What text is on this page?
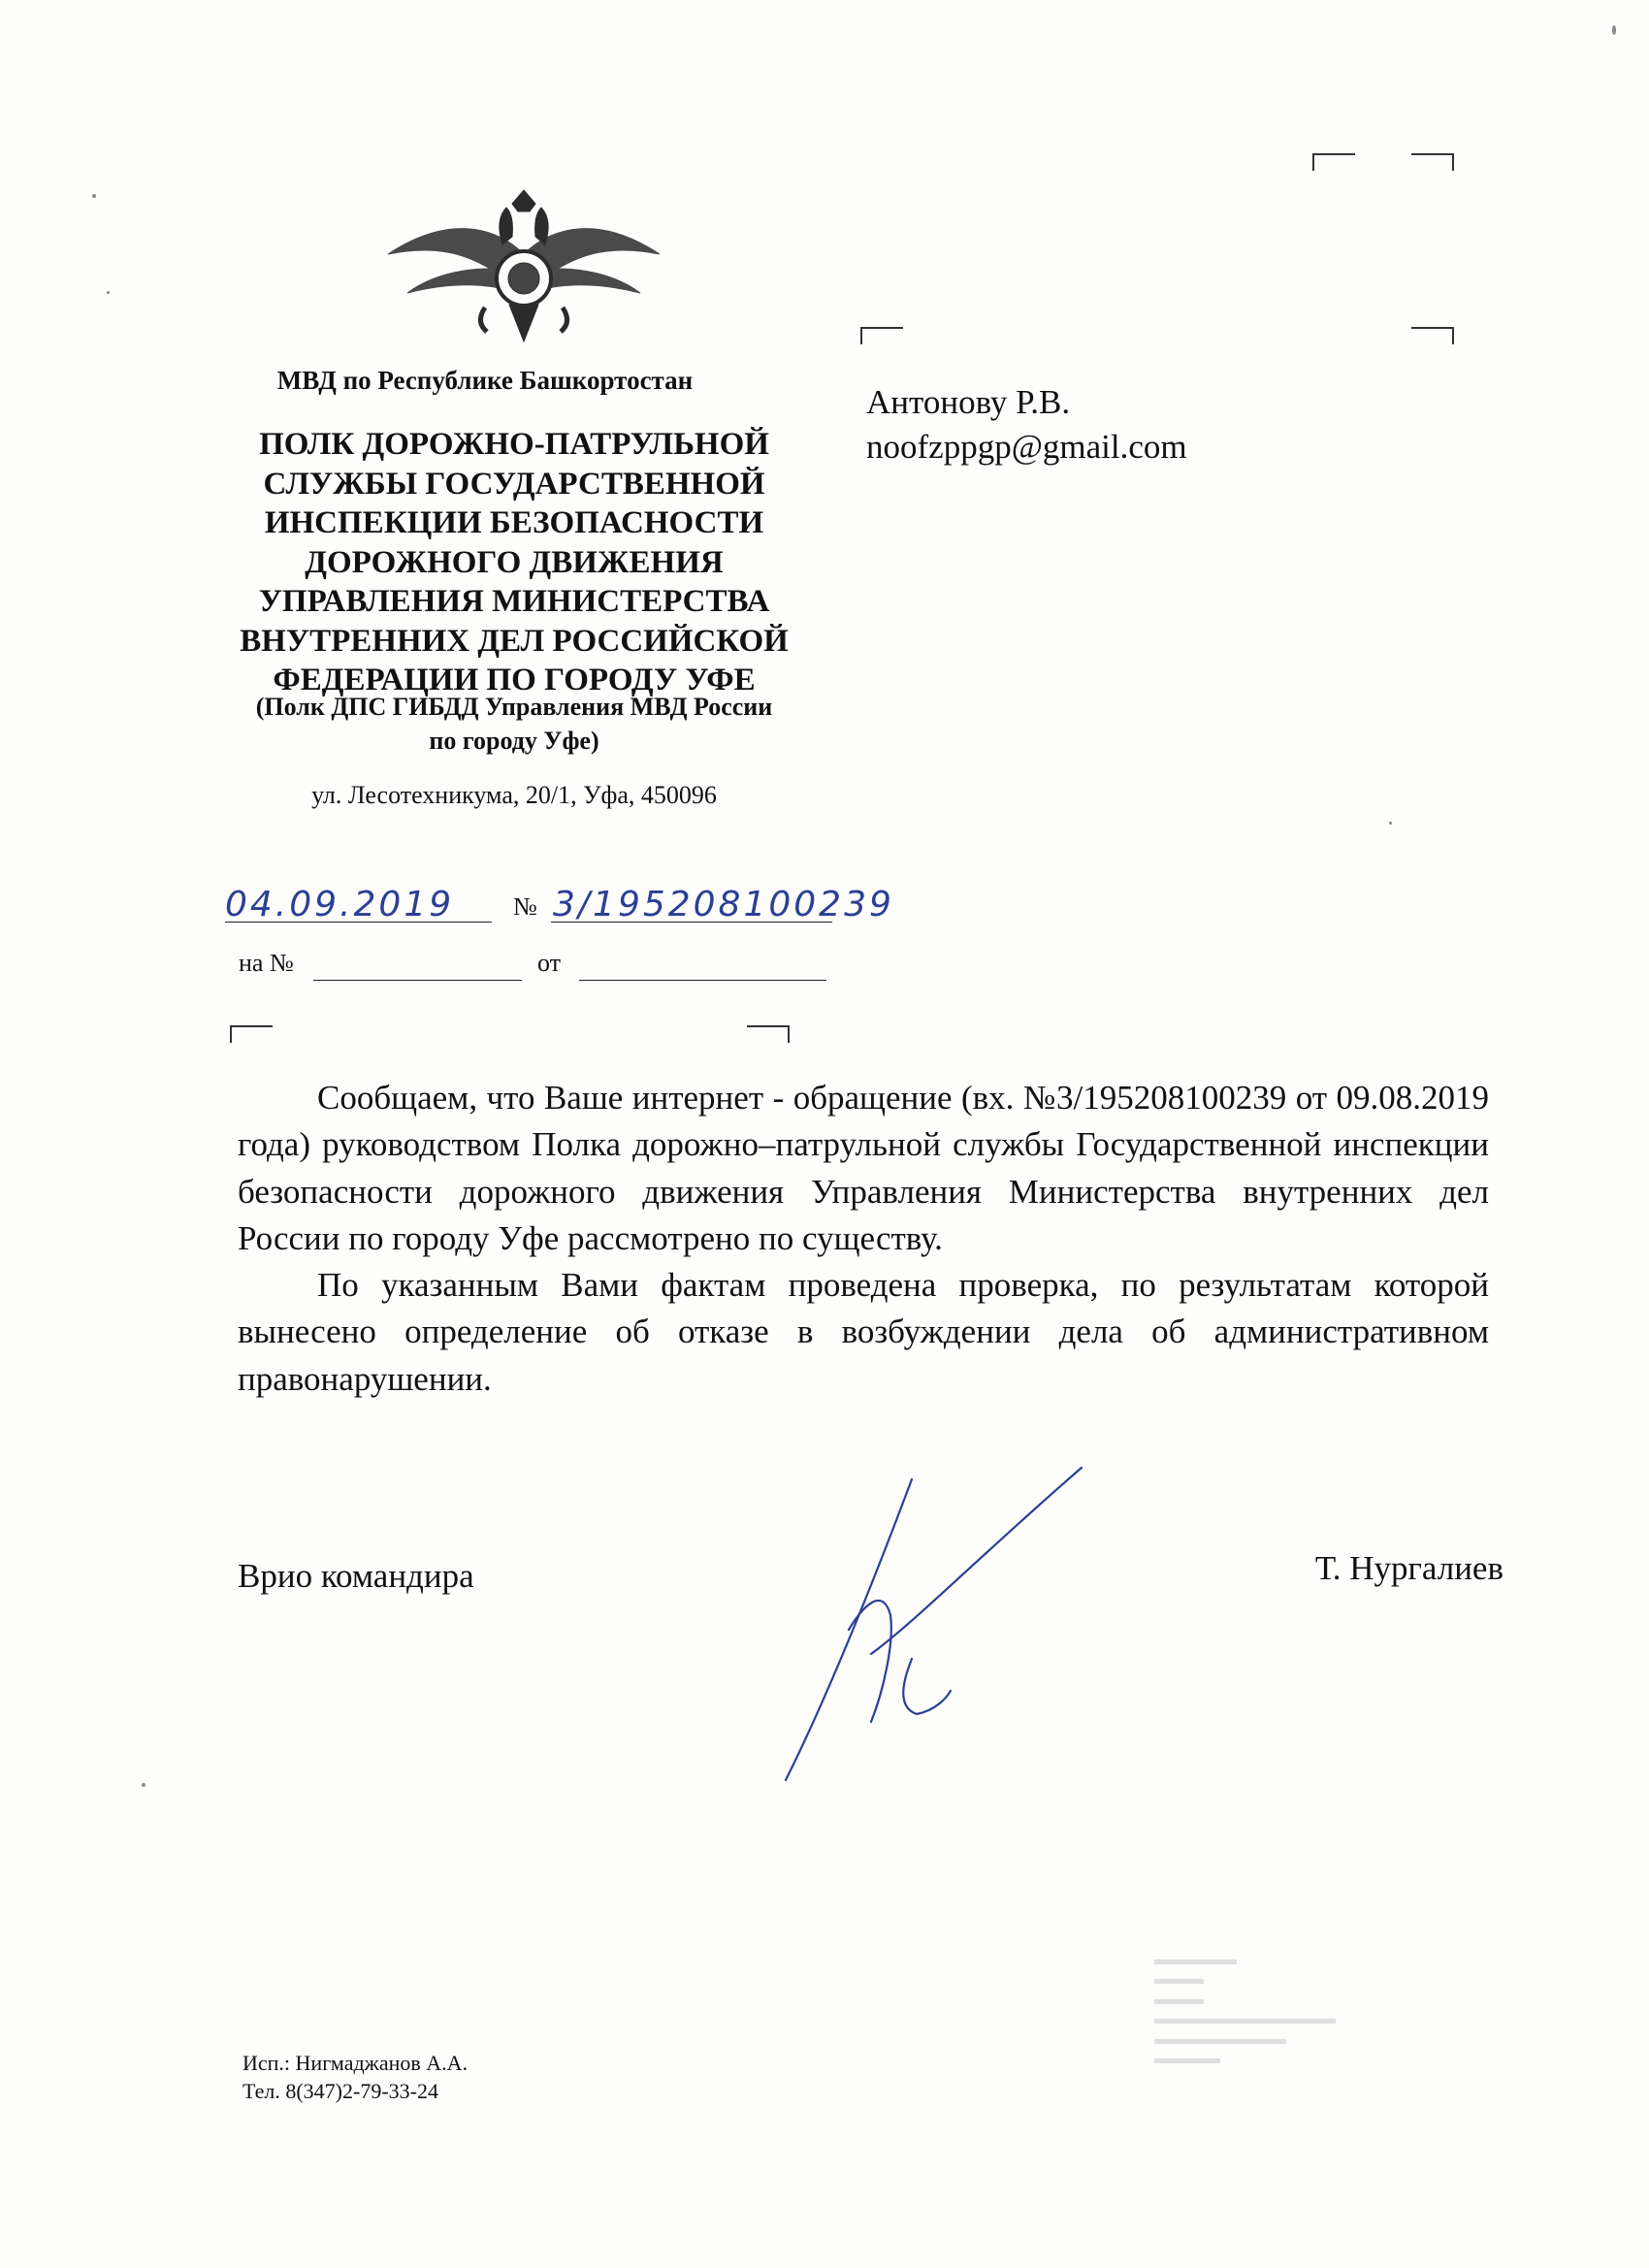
МВД по Республике Башкортостан
ПОЛК ДОРОЖНО-ПАТРУЛЬНОЙ
СЛУЖБЫ ГОСУДАРСТВЕННОЙ
ИНСПЕКЦИИ БЕЗОПАСНОСТИ
ДОРОЖНОГО ДВИЖЕНИЯ
УПРАВЛЕНИЯ МИНИСТЕРСТВА
ВНУТРЕННИХ ДЕЛ РОССИЙСКОЙ
ФЕДЕРАЦИИ ПО ГОРОДУ УФЕ
(Полк ДПС ГИБДД Управления МВД России
по городу Уфе)
ул. Лесотехникума, 20/1, Уфа, 450096
Антонову Р.В.
noofzppgp@gmail.com
04.09.2019 № 3/195208100239
на №	от

Сообщаем, что Ваше интернет - обращение (вх. №3/195208100239 от 09.08.2019 года) руководством Полка дорожно–патрульной службы Государственной инспекции безопасности дорожного движения Управления Министерства внутренних дел России по городу Уфе рассмотрено по существу.

По указанным Вами фактам проведена проверка, по результатам которой вынесено определение об отказе в возбуждении дела об административном правонарушении.

Врио командира	Т. Нургалиев
Исп.: Нигмаджанов А.А.
Тел. 8(347)2-79-33-24
▬▬▬▬▬
▬▬▬
▬▬▬
▬▬▬▬▬▬▬▬▬▬▬
▬▬▬▬▬▬▬▬
▬▬▬▬
